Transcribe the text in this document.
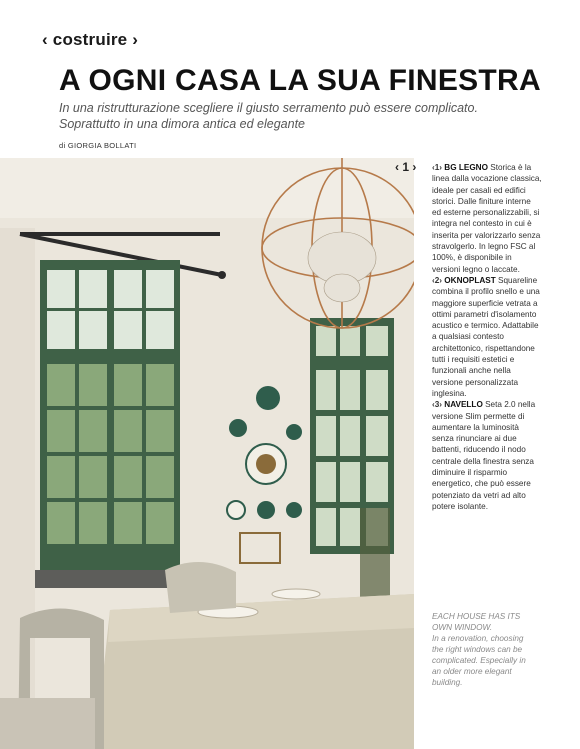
‹ costruire ›
A OGNI CASA LA SUA FINESTRA
In una ristrutturazione scegliere il giusto serramento può essere complicato. Soprattutto in una dimora antica ed elegante
di GIORGIA BOLLATI
‹ 1 › ‹1› BG LEGNO Storica è la linea dalla vocazione classica, ideale per casali ed edifici storici. Dalle finiture interne ed esterne personalizzabili, si integra nel contesto in cui è inserita per valorizzarlo senza stravolgerlo. In legno FSC al 100%, è disponibile in versioni legno o laccate.

‹2› OKNOPLAST Squareline combina il profilo snello e una maggiore superficie vetrata a ottimi parametri d'isolamento acustico e termico. Adattabile a qualsiasi contesto architettonico, rispettandone tutti i requisiti estetici e funzionali anche nella versione personalizzata inglesina.

‹3› NAVELLO Seta 2.0 nella versione Slim permette di aumentare la luminosità senza rinunciare ai due battenti, riducendo il nodo centrale della finestra senza diminuire il risparmio energetico, che può essere potenziato da vetri ad alto potere isolante.

EACH HOUSE HAS ITS OWN WINDOW.
In a renovation, choosing the right windows can be complicated. Especially in an older more elegant building.
